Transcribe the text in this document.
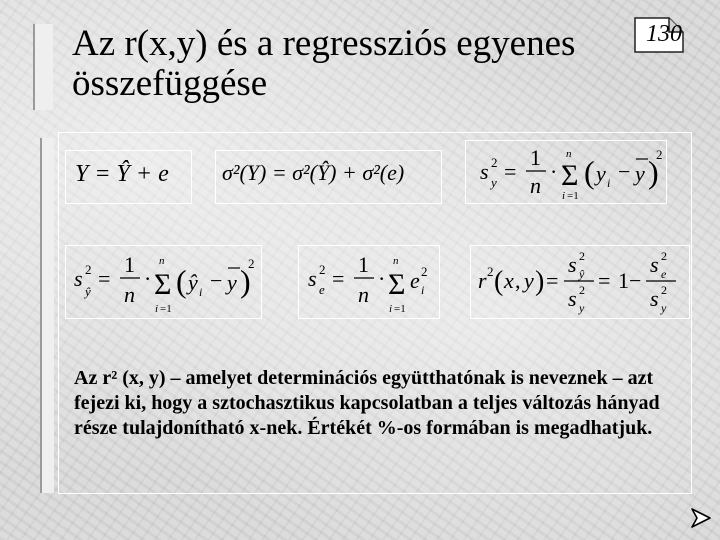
130
Az r(x,y) és a regressziós egyenes összefüggése
Y = Ŷ + e σ²(Y) = σ²(Ŷ) + σ²(e)	s 2
y =
1
n
· Σ
n
i =1
( y i − y )
2
s 2
ŷ
=
1
n
· Σ
n
i =1
( ŷ i − y )
2
s 2
e =
1
n
· Σ
n
i =1
e 2
i r 2 ( x , y ) =
s 2
ŷ
s 2
y
= 1 −
s 2
e
s 2
y
Az r² (x, y) – amelyet determinációs együtthatónak is neveznek – azt fejezi ki, hogy a sztochasztikus kapcsolatban a teljes változás hányad része tulajdonítható x-nek. Értékét %-os formában is megadhatjuk.
